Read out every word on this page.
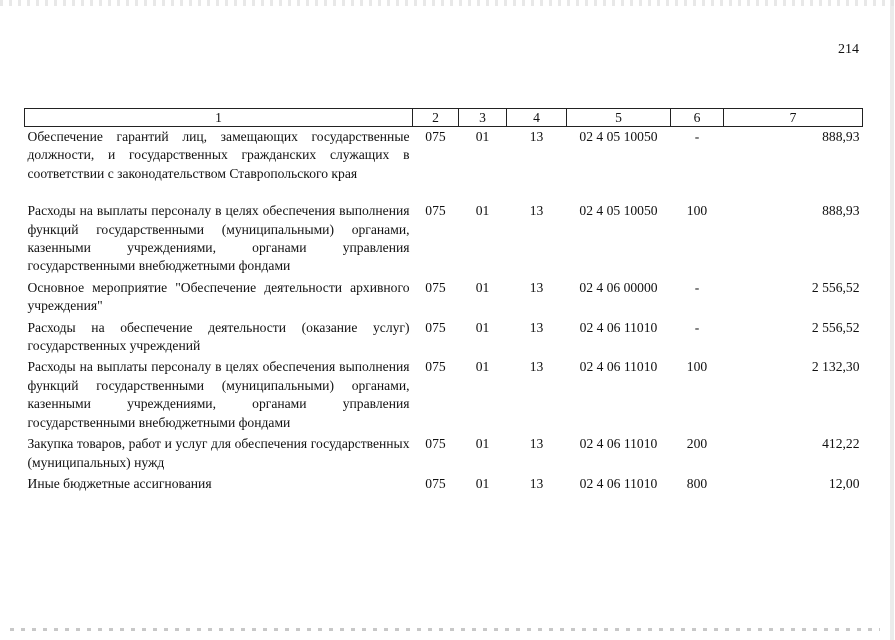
214
1	2	3	4	5	6	7
Обеспечение гарантий лиц, замещающих государственные должности, и государственных гражданских служащих в соответствии с законодательством Ставропольского края	075	01	13	02 4 05 10050	-	888,93
Расходы на выплаты персоналу в целях обеспечения выполнения функций государственными (муниципальными) органами, казенными учреждениями, органами управления государственными внебюджетными фондами	075	01	13	02 4 05 10050	100	888,93
Основное мероприятие "Обеспечение деятельности архивного учреждения"	075	01	13	02 4 06 00000	-	2 556,52
Расходы на обеспечение деятельности (оказание услуг) государственных учреждений	075	01	13	02 4 06 11010	-	2 556,52
Расходы на выплаты персоналу в целях обеспечения выполнения функций государственными (муниципальными) органами, казенными учреждениями, органами управления государственными внебюджетными фондами	075	01	13	02 4 06 11010	100	2 132,30
Закупка товаров, работ и услуг для обеспечения государственных (муниципальных) нужд	075	01	13	02 4 06 11010	200	412,22
Иные бюджетные ассигнования	075	01	13	02 4 06 11010	800	12,00
